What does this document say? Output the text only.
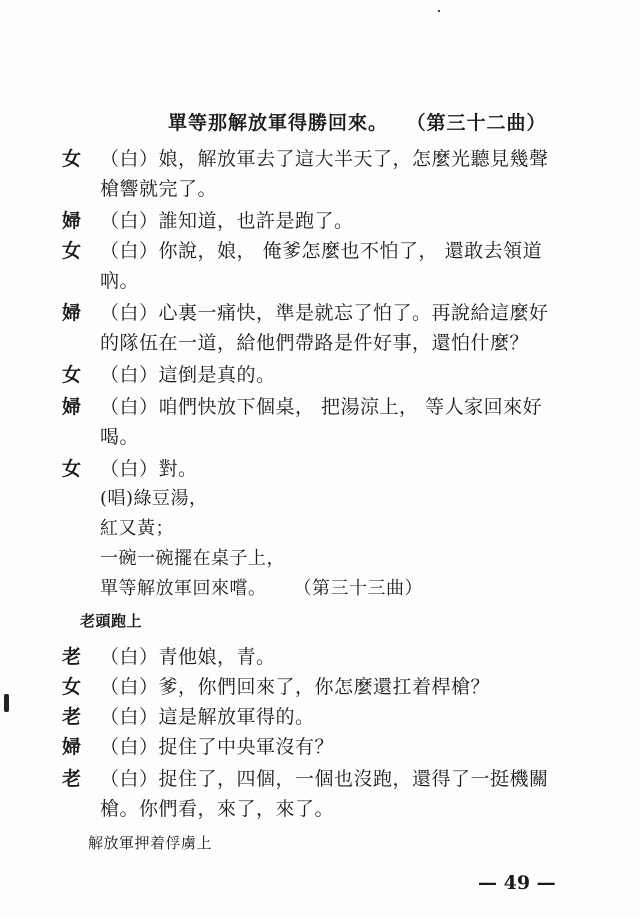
單等那解放軍得勝回來。 （第三十二曲）
女 （白）娘，解放軍去了這大半天了，怎麼光聽見幾聲
槍響就完了。
婦 （白）誰知道，也許是跑了。
女 （白）你說，娘， 俺爹怎麼也不怕了， 還敢去領道
吶。
婦 （白）心裏一痛快，準是就忘了怕了。再說給這麼好
的隊伍在一道，給他們帶路是件好事，還怕什麼？
女 （白）這倒是真的。
婦 （白）咱們快放下個桌， 把湯涼上， 等人家回來好
喝。
女 （白）對。
(唱)綠豆湯，
紅又黃；
一碗一碗擺在桌子上，
單等解放軍回來嚐。 （第三十三曲）
老頭跑上
老 （白）青他娘，青。
女 （白）爹，你們回來了，你怎麼還扛着桿槍？
老 （白）這是解放軍得的。
婦 （白）捉住了中央軍沒有？
老 （白）捉住了，四個，一個也沒跑，還得了一挺機關
槍。你們看，來了，來了。
解放軍押着俘虜上
— 49 —
